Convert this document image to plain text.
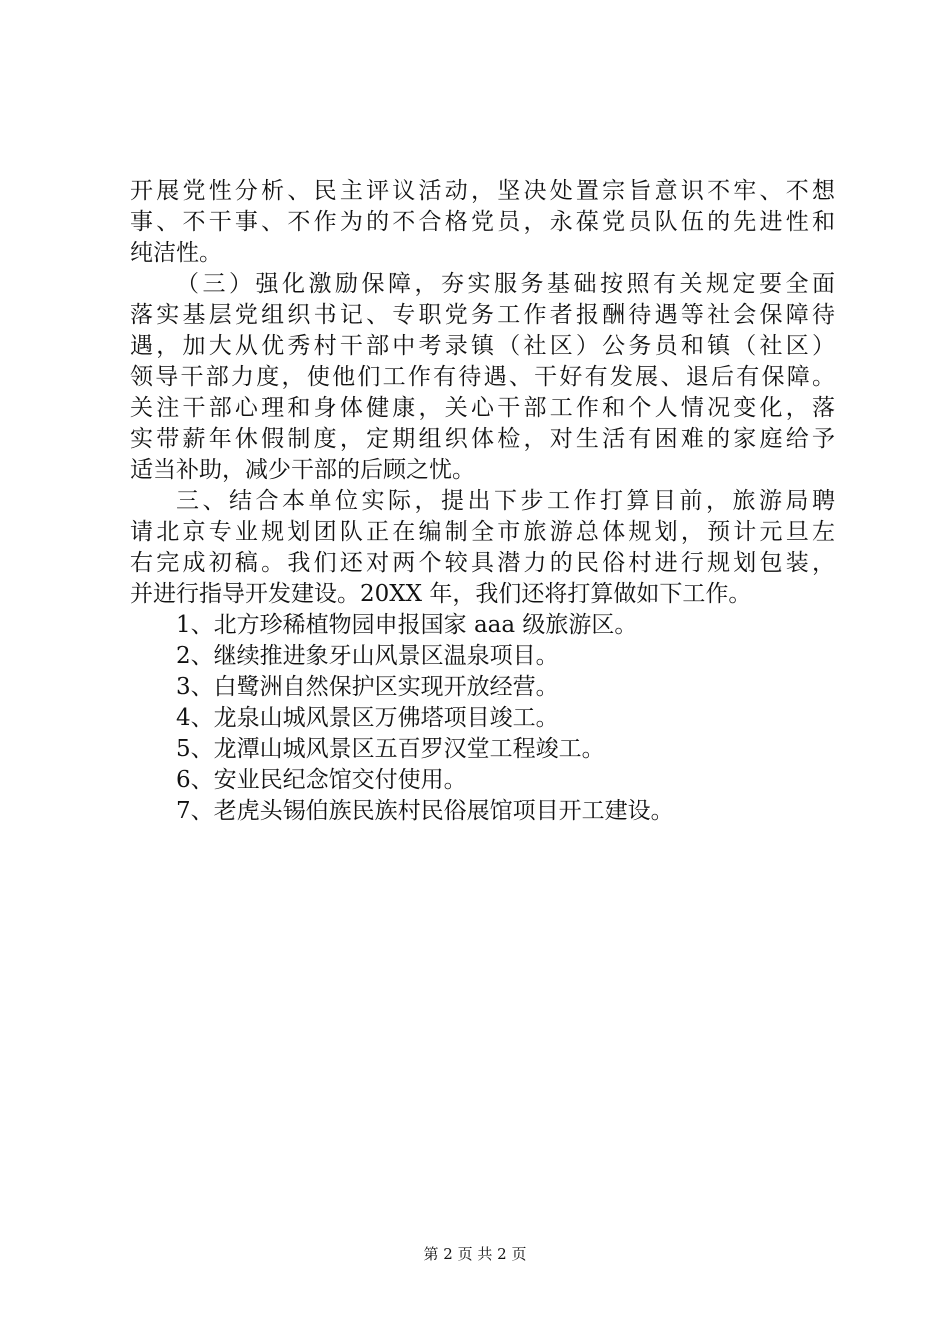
开展党性分析、民主评议活动，坚决处置宗旨意识不牢、不想
事、不干事、不作为的不合格党员，永葆党员队伍的先进性和
纯洁性。
（三）强化激励保障，夯实服务基础按照有关规定要全面
落实基层党组织书记、专职党务工作者报酬待遇等社会保障待
遇，加大从优秀村干部中考录镇（社区）公务员和镇（社区）
领导干部力度，使他们工作有待遇、干好有发展、退后有保障。
关注干部心理和身体健康，关心干部工作和个人情况变化，落
实带薪年休假制度，定期组织体检，对生活有困难的家庭给予
适当补助，减少干部的后顾之忧。
三、结合本单位实际，提出下步工作打算目前，旅游局聘
请北京专业规划团队正在编制全市旅游总体规划，预计元旦左
右完成初稿。我们还对两个较具潜力的民俗村进行规划包装，
并进行指导开发建设。20XX 年，我们还将打算做如下工作。
1、北方珍稀植物园申报国家 aaa 级旅游区。
2、继续推进象牙山风景区温泉项目。
3、白鹭洲自然保护区实现开放经营。
4、龙泉山城风景区万佛塔项目竣工。
5、龙潭山城风景区五百罗汉堂工程竣工。
6、安业民纪念馆交付使用。
7、老虎头锡伯族民族村民俗展馆项目开工建设。
第 2 页 共 2 页
